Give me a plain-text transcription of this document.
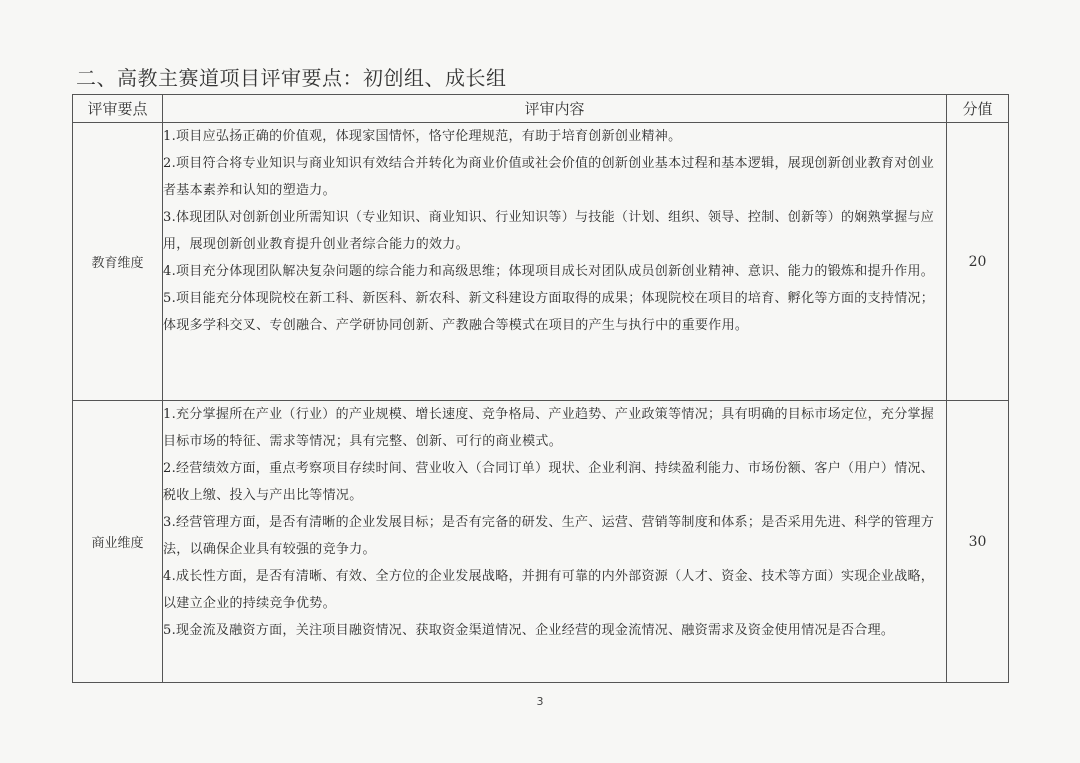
二、高教主赛道项目评审要点：初创组、成长组
评审要点	评审内容	分值
教育维度	1.项目应弘扬正确的价值观，体现家国情怀，恪守伦理规范，有助于培育创新创业精神。

2.项目符合将专业知识与商业知识有效结合并转化为商业价值或社会价值的创新创业基本过程和基本逻辑，展现创新创业教育对创业者基本素养和认知的塑造力。

3.体现团队对创新创业所需知识（专业知识、商业知识、行业知识等）与技能（计划、组织、领导、控制、创新等）的娴熟掌握与应用，展现创新创业教育提升创业者综合能力的效力。

4.项目充分体现团队解决复杂问题的综合能力和高级思维；体现项目成长对团队成员创新创业精神、意识、能力的锻炼和提升作用。

5.项目能充分体现院校在新工科、新医科、新农科、新文科建设方面取得的成果；体现院校在项目的培育、孵化等方面的支持情况；体现多学科交叉、专创融合、产学研协同创新、产教融合等模式在项目的产生与执行中的重要作用。	20
商业维度	1.充分掌握所在产业（行业）的产业规模、增长速度、竞争格局、产业趋势、产业政策等情况；具有明确的目标市场定位，充分掌握目标市场的特征、需求等情况；具有完整、创新、可行的商业模式。

2.经营绩效方面，重点考察项目存续时间、营业收入（合同订单）现状、企业利润、持续盈利能力、市场份额、客户（用户）情况、税收上缴、投入与产出比等情况。

3.经营管理方面，是否有清晰的企业发展目标；是否有完备的研发、生产、运营、营销等制度和体系；是否采用先进、科学的管理方法，以确保企业具有较强的竞争力。

4.成长性方面，是否有清晰、有效、全方位的企业发展战略，并拥有可靠的内外部资源（人才、资金、技术等方面）实现企业战略，以建立企业的持续竞争优势。

5.现金流及融资方面，关注项目融资情况、获取资金渠道情况、企业经营的现金流情况、融资需求及资金使用情况是否合理。	30
3
